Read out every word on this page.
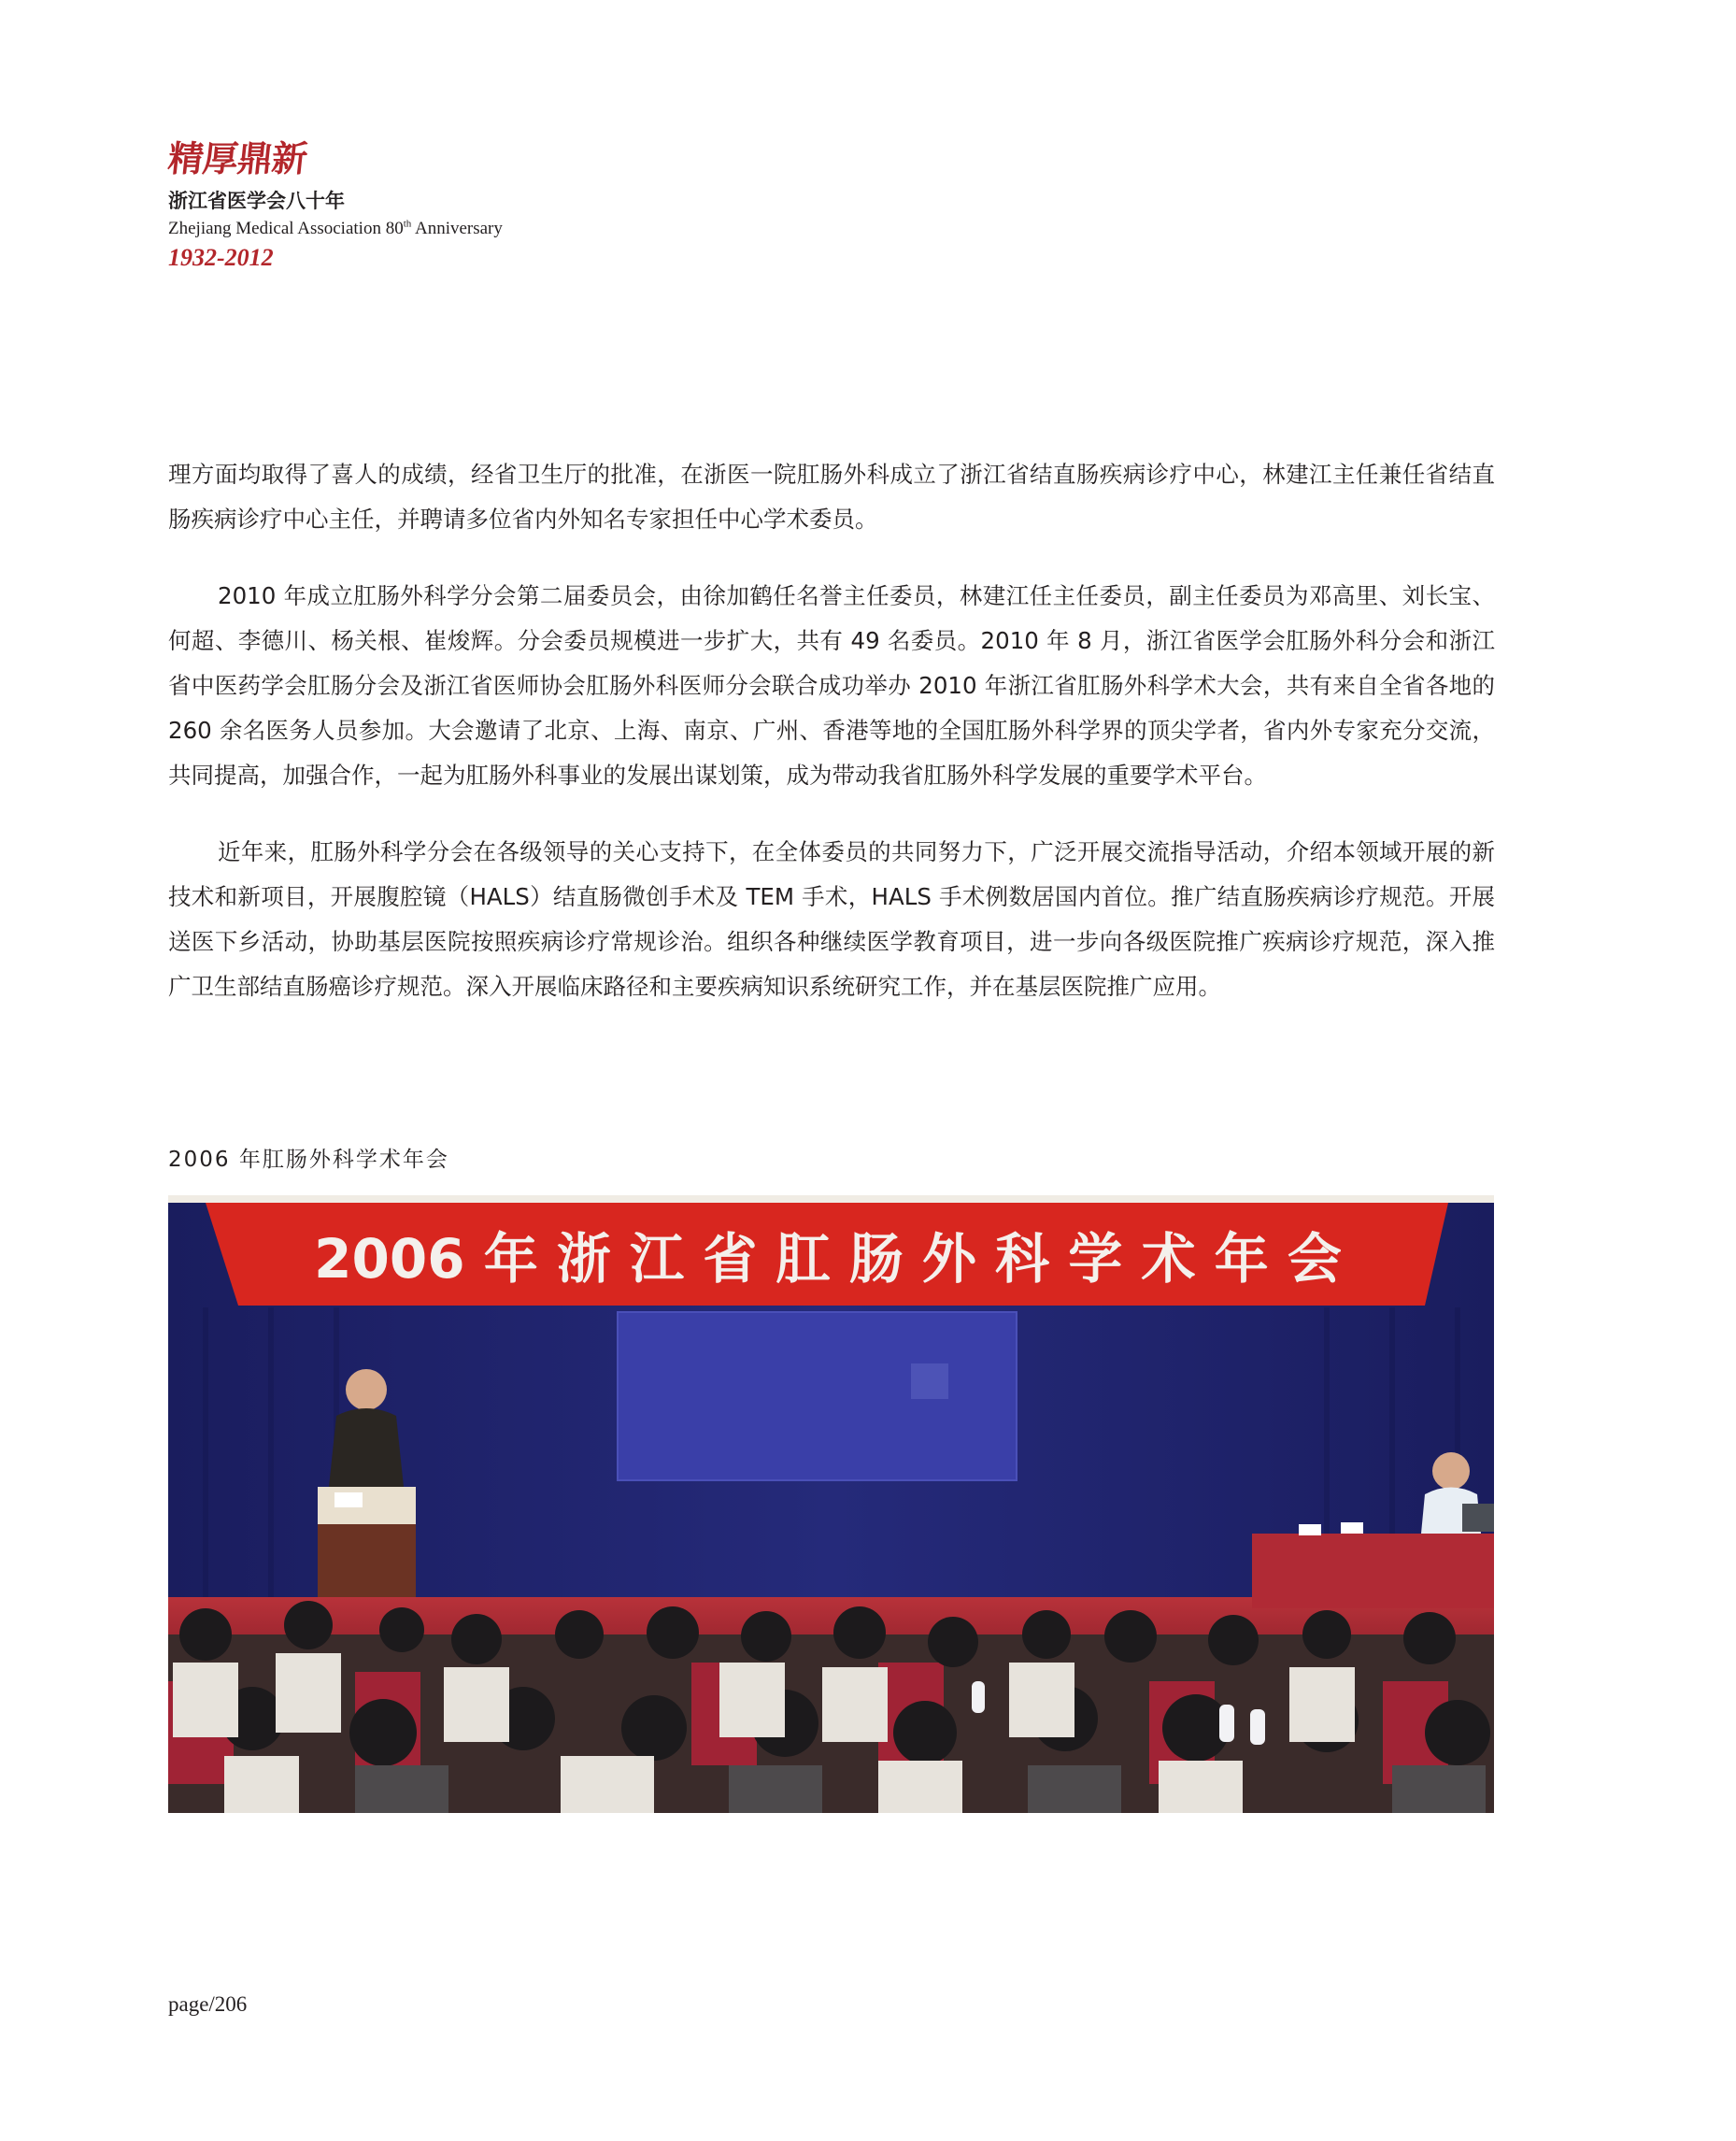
精厚鼎新
浙江省医学会八十年
Zhejiang Medical Association 80th Anniversary
1932-2012

理方面均取得了喜人的成绩，经省卫生厅的批准，在浙医一院肛肠外科成立了浙江省结直肠疾病诊疗中心，林建江主任兼任省结直肠疾病诊疗中心主任，并聘请多位省内外知名专家担任中心学术委员。

2010 年成立肛肠外科学分会第二届委员会，由徐加鹤任名誉主任委员，林建江任主任委员，副主任委员为邓高里、刘长宝、何超、李德川、杨关根、崔焌辉。分会委员规模进一步扩大，共有 49 名委员。2010 年 8 月，浙江省医学会肛肠外科分会和浙江省中医药学会肛肠分会及浙江省医师协会肛肠外科医师分会联合成功举办 2010 年浙江省肛肠外科学术大会，共有来自全省各地的 260 余名医务人员参加。大会邀请了北京、上海、南京、广州、香港等地的全国肛肠外科学界的顶尖学者，省内外专家充分交流，共同提高，加强合作，一起为肛肠外科事业的发展出谋划策，成为带动我省肛肠外科学发展的重要学术平台。

近年来，肛肠外科学分会在各级领导的关心支持下，在全体委员的共同努力下，广泛开展交流指导活动，介绍本领域开展的新技术和新项目，开展腹腔镜（HALS）结直肠微创手术及 TEM 手术，HALS 手术例数居国内首位。推广结直肠疾病诊疗规范。开展送医下乡活动，协助基层医院按照疾病诊疗常规诊治。组织各种继续医学教育项目，进一步向各级医院推广疾病诊疗规范，深入推广卫生部结直肠癌诊疗规范。深入开展临床路径和主要疾病知识系统研究工作，并在基层医院推广应用。

2006 年肛肠外科学术年会
2006 年 浙 江 省 肛 肠 外 科 学 术 年 会
page/206
